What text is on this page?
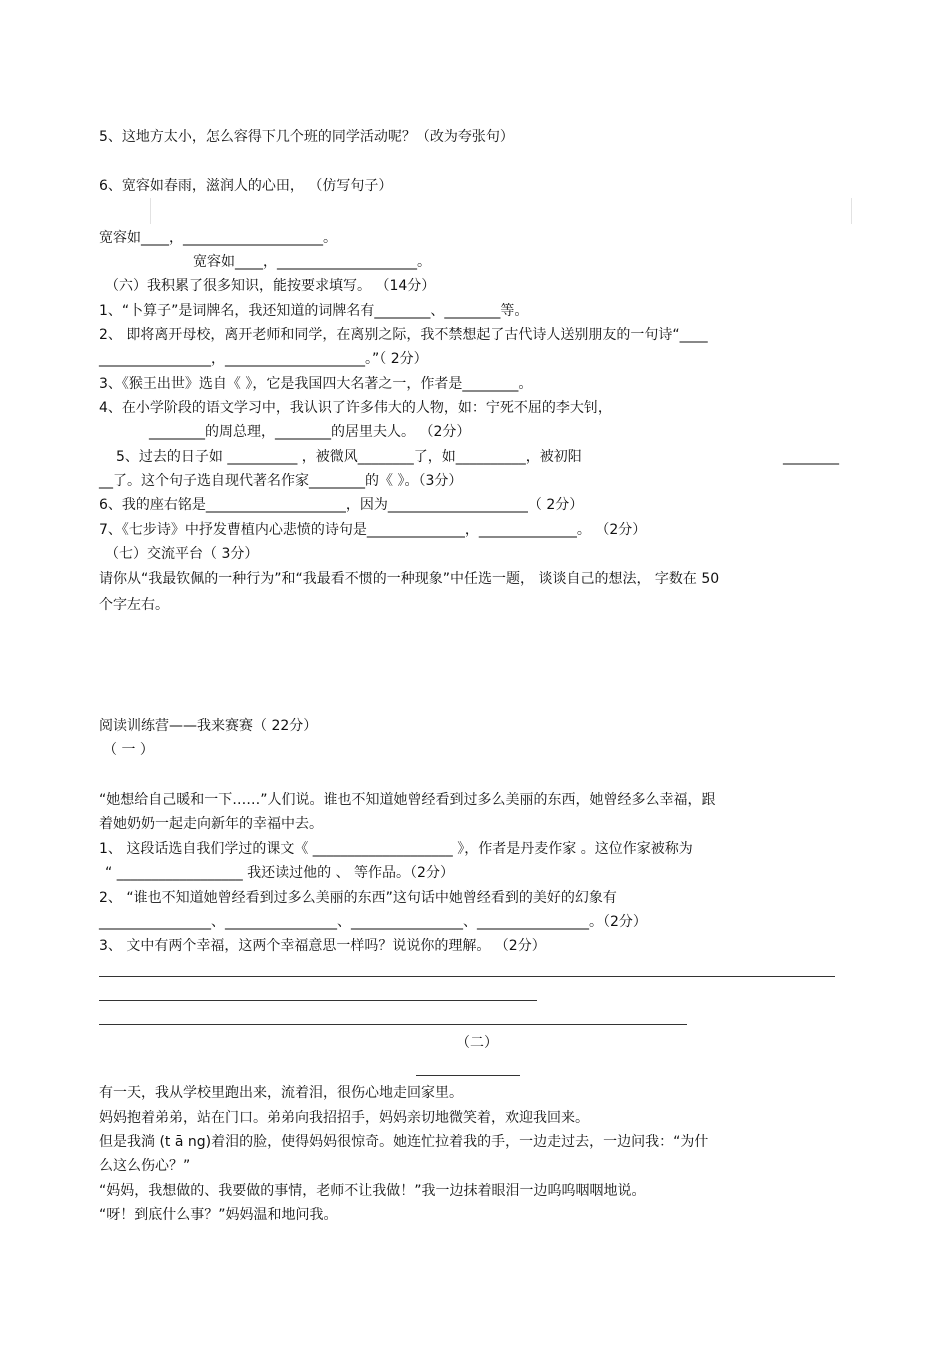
5、这地方太小，怎么容得下几个班的同学活动呢？（改为夸张句）
6、宽容如春雨，滋润人的心田， （仿写句子）
宽容如____，____________________。
宽容如____，____________________。
（六）我积累了很多知识，能按要求填写。 （14分）
1、“卜算子”是词牌名，我还知道的词牌名有________、________等。
2、 即将离开母校，离开老师和同学，在离别之际，我不禁想起了古代诗人送别朋友的一句诗“____
________________，____________________。”（ 2分）
3、《猴王出世》选自《 》，它是我国四大名著之一，作者是________。
4、在小学阶段的语文学习中，我认识了许多伟大的人物，如：宁死不屈的李大钊，
________的周总理，________的居里夫人。 （2分）
5、过去的日子如 __________ ，被微风________了，如__________，被初阳	________
__了。这个句子选自现代著名作家________的《 》。（3分）
6、我的座右铭是____________________，因为____________________（ 2分）
7、《七步诗》中抒发曹植内心悲愤的诗句是______________，______________。 （2分）
（七）交流平台（ 3分）
请你从“我最钦佩的一种行为”和“我最看不惯的一种现象”中任选一题， 谈谈自己的想法， 字数在 50
个字左右。
阅读训练营——我来赛赛（ 22分）
（ 一 ）
“她想给自己暖和一下……”人们说。谁也不知道她曾经看到过多么美丽的东西，她曾经多么幸福，跟
着她奶奶一起走向新年的幸福中去。
1、 这段话选自我们学过的课文《 ____________________ 》，作者是丹麦作家 。这位作家被称为
“ __________________ 我还读过他的 、 等作品。（2分）
2、 “谁也不知道她曾经看到过多么美丽的东西”这句话中她曾经看到的美好的幻象有
________________、________________、________________、________________。（2分）
3、 文中有两个幸福，这两个幸福意思一样吗？说说你的理解。 （2分）
（二）
有一天，我从学校里跑出来，流着泪，很伤心地走回家里。
妈妈抱着弟弟，站在门口。弟弟向我招招手，妈妈亲切地微笑着，欢迎我回来。
但是我淌 (t ā ng)着泪的脸，使得妈妈很惊奇。她连忙拉着我的手，一边走过去，一边问我：“为什
么这么伤心？”
“妈妈，我想做的、我要做的事情，老师不让我做！”我一边抹着眼泪一边呜呜咽咽地说。
“呀！到底什么事？”妈妈温和地问我。
